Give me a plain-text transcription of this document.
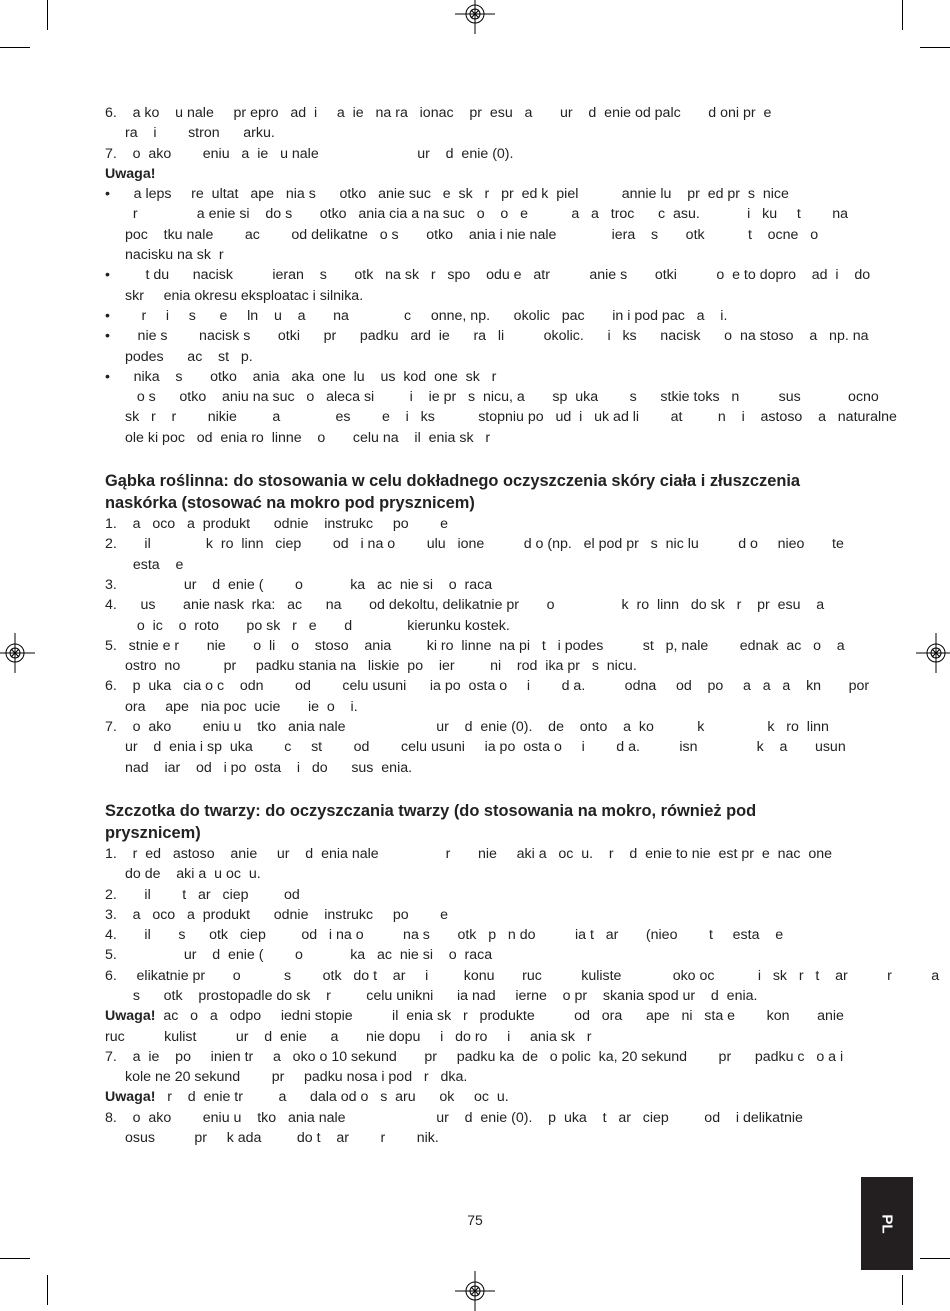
6.    a ko    u nale     pr epro   ad  i     a  ie   na ra   ionac    pr  esu   a       ur    d  enie od palc       d oni pr  e
ra    i        stron      arku.
7.    o  ako        eniu   a  ie   u nale                         ur    d  enie (0).
Uwaga!
•      a leps     re  ultat   ape   nia s      otko   anie suc   e  sk   r   pr  ed k  piel           annie lu    pr  ed pr  s  nice
r               a enie si    do s       otko   ania cia a na suc   o    o   e           a   a   troc      c  asu.            i   ku     t        na
poc    tku nale        ac        od delikatne   o s       otko    ania i nie nale              iera    s       otk           t    ocne   o
nacisku na sk  r
•         t du      nacisk          ieran    s       otk   na sk   r   spo    odu e   atr          anie s       otki          o  e to dopro    ad  i    do
skr     enia okresu eksploatac i silnika.
•        r     i     s      e     ln    u    a       na              c     onne, np.      okolic   pac       in i pod pac   a    i.
•       nie s        nacisk s       otki      pr      padku   ard  ie      ra   li          okolic.      i   ks      nacisk      o  na stoso    a   np. na
podes      ac    st   p.
•      nika    s       otko    ania   aka  one  lu    us  kod  one  sk   r
o s      otko    aniu na suc   o   aleca si         i    ie pr   s  nicu, a       sp  uka        s      stkie toks   n          sus            ocno
sk   r    r        nikie         a              es        e    i   ks           stopniu po   ud  i   uk ad li        at         n    i    astoso    a   naturalne
ole ki poc   od  enia ro  linne    o       celu na    il  enia sk   r
Gąbka roślinna: do stosowania w celu dokładnego oczyszczenia skóry ciała i złuszczenia
naskórka (stosować na mokro pod prysznicem)
1.    a   oco   a  produkt      odnie    instrukc     po        e
2.       il              k  ro  linn   ciep        od   i na o        ulu   ione          d o (np.   el pod pr   s  nic lu          d o     nieo       te
esta    e
3.                 ur    d  enie (        o            ka   ac  nie si    o  raca
4.      us       anie nask  rka:   ac      na       od dekoltu, delikatnie pr       o                 k  ro  linn   do sk   r    pr  esu    a
o  ic    o  roto       po sk   r   e       d              kierunku kostek.
5.   stnie e r       nie       o  li    o    stoso    ania         ki ro  linne  na pi   t   i podes          st   p, nale        ednak  ac   o    a
ostro  no           pr     padku stania na   liskie  po    ier         ni    rod  ika pr   s  nicu.
6.    p  uka   cia o c    odn        od        celu usuni      ia po  osta o     i        d a.          odna     od    po     a   a   a    kn       por
ora     ape   nia poc  ucie       ie  o    i.
7.    o  ako        eniu u    tko   ania nale                       ur    d  enie (0).    de    onto    a  ko           k                k   ro  linn
ur    d  enia i sp  uka        c     st        od        celu usuni     ia po  osta o     i        d a.          isn               k    a       usun
nad    iar    od   i po  osta    i   do      sus  enia.
Szczotka do twarzy: do oczyszczania twarzy (do stosowania na mokro, również pod
prysznicem)
1.    r  ed   astoso    anie     ur    d  enia nale                 r       nie     aki a   oc  u.    r    d  enie to nie  est pr  e  nac  one
do de    aki a  u oc  u.
2.       il        t   ar   ciep         od
3.    a   oco   a  produkt      odnie    instrukc     po        e
4.       il       s      otk   ciep         od   i na o          na s       otk   p   n do          ia t   ar       (nieo        t     esta    e
5.                 ur    d  enie (        o            ka   ac  nie si    o  raca
6.     elikatnie pr       o           s        otk   do t    ar     i         konu       ruc          kuliste             oko oc           i   sk   r   t    ar          r          a
s      otk    prostopadle do sk    r         celu unikni      ia nad     ierne    o pr    skania spod ur    d  enia.
Uwaga!  ac   o   a   odpo     iedni stopie          il  enia sk   r   produkte          od   ora      ape   ni   sta e        kon       anie
ruc          kulist          ur    d  enie      a       nie dopu     i   do ro     i     ania sk   r
7.    a  ie    po     inien tr     a   oko o 10 sekund       pr     padku ka  de   o polic  ka, 20 sekund        pr      padku c   o a i
kole ne 20 sekund        pr     padku nosa i pod   r   dka.
Uwaga!   r    d  enie tr         a      dala od o   s  aru      ok     oc  u.
8.    o  ako        eniu u    tko   ania nale                       ur    d  enie (0).    p  uka    t   ar   ciep         od    i delikatnie
osus          pr     k ada         do t    ar        r        nik.
75	PL
